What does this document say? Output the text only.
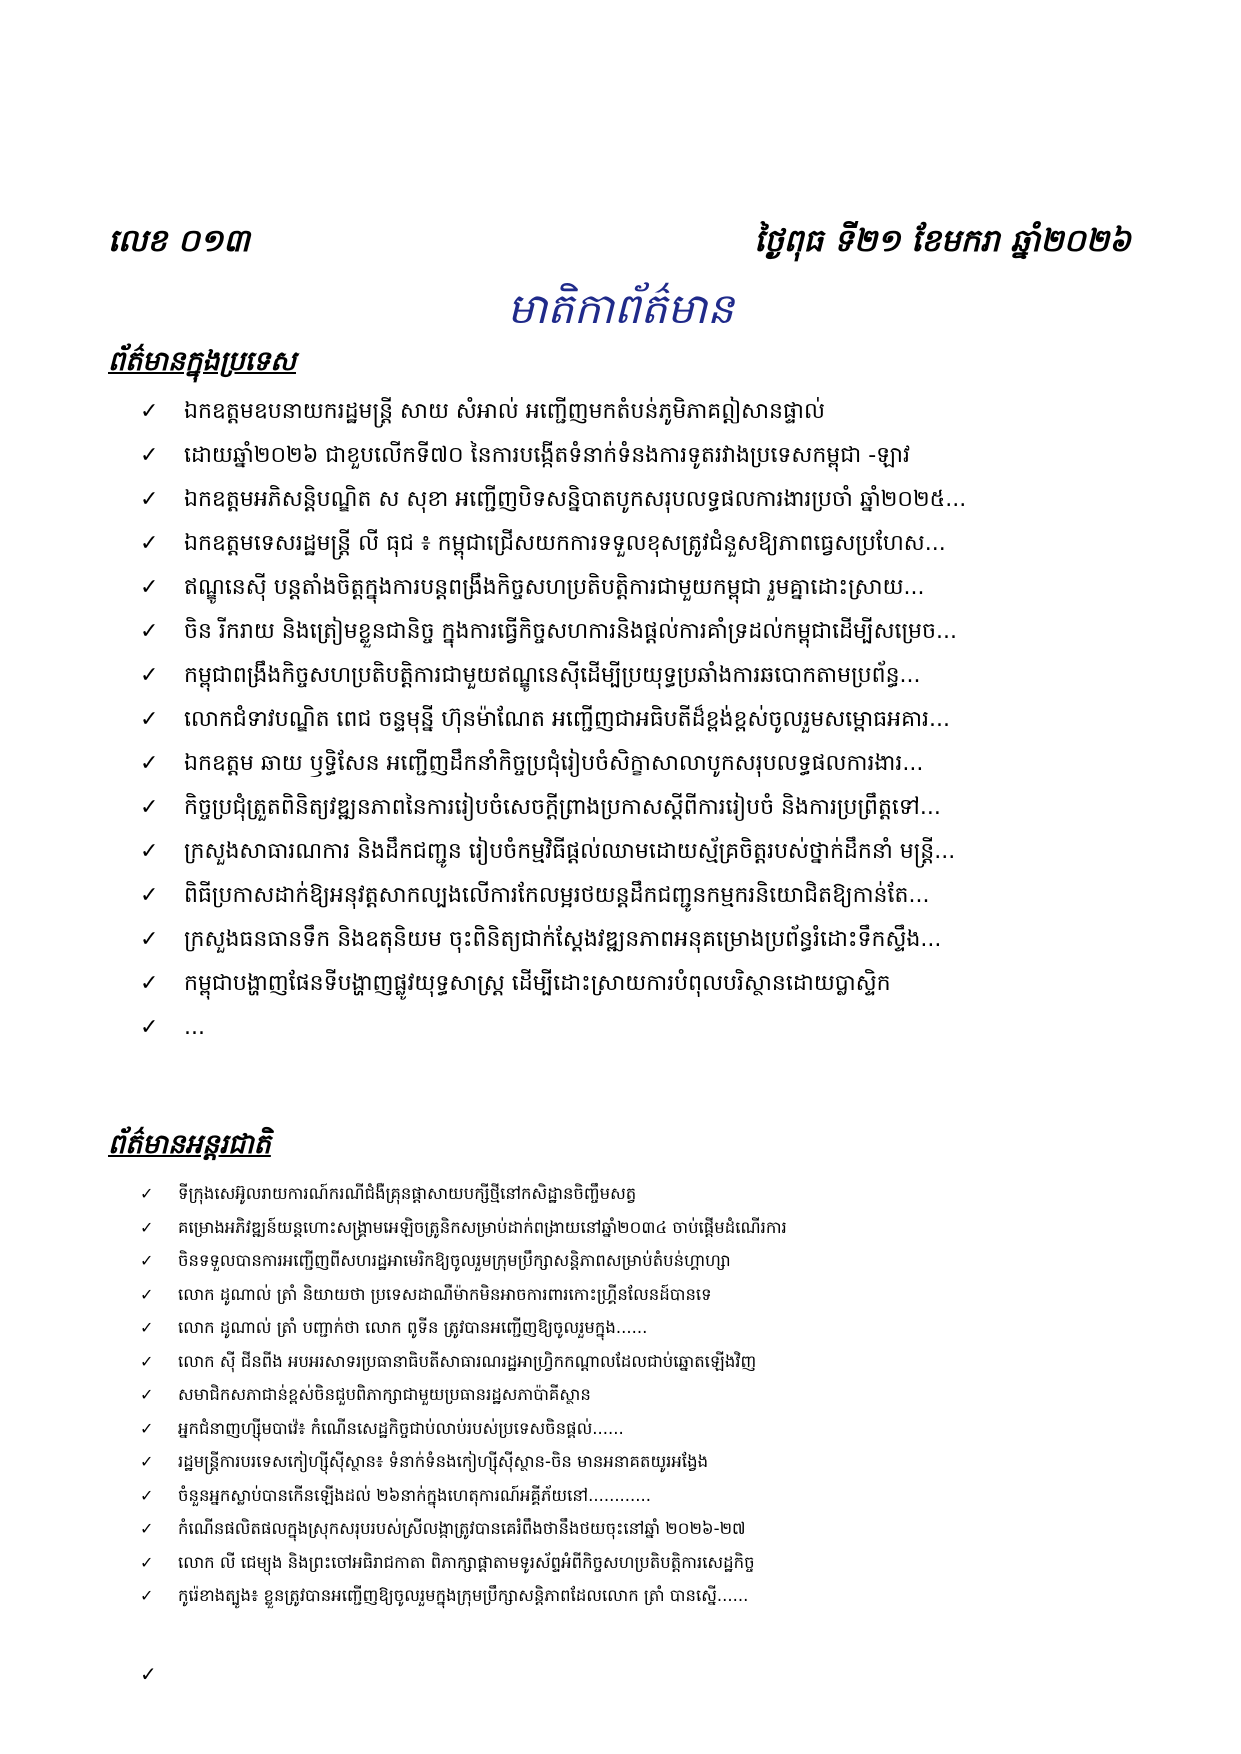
លេខ ០១៣	ថ្ងៃពុធ ទី២១ ខែមករា ឆ្នាំ២០២៦
មាតិកាព័ត៌មាន
ព័ត៌មានក្នុងប្រទេស
✓	ឯកឧត្តមឧបនាយករដ្ឋមន្ត្រី សាយ សំអាល់ អញ្ជើញមកតំបន់ភូមិភាគឦសានផ្ទាល់
✓	ដោយឆ្នាំ២០២៦ ជាខួបលើកទី៧០ នៃការបង្កើតទំនាក់ទំនងការទូតរវាងប្រទេសកម្ពុជា -ឡាវ
✓	ឯកឧត្តមអភិសន្តិបណ្ឌិត ស សុខា អញ្ជើញបិទសន្និបាតបូកសរុបលទ្ធផលការងារប្រចាំ ឆ្នាំ២០២៥...
✓	ឯកឧត្តមទេសរដ្ឋមន្ត្រី លី ធុជ ៖ កម្ពុជាជ្រើសយកការទទួលខុសត្រូវជំនួសឱ្យភាពធ្វេសប្រហែស...
✓	ឥណ្ឌូនេស៊ី បន្តតាំងចិត្តក្នុងការបន្តពង្រឹងកិច្ចសហប្រតិបត្តិការជាមួយកម្ពុជា រួមគ្នាដោះស្រាយ...
✓	ចិន រីករាយ និងត្រៀមខ្លួនជានិច្ច ក្នុងការធ្វើកិច្ចសហការនិងផ្តល់ការគាំទ្រដល់កម្ពុជាដើម្បីសម្រេច...
✓	កម្ពុជាពង្រឹងកិច្ចសហប្រតិបត្តិការជាមួយឥណ្ឌូនេស៊ីដើម្បីប្រយុទ្ធប្រឆាំងការឆបោកតាមប្រព័ន្ធ...
✓	លោកជំទាវបណ្ឌិត ពេជ ចន្ទមុន្នី ហ៊ុនម៉ាណែត អញ្ជើញជាអធិបតីដ៏ខ្ពង់ខ្ពស់ចូលរួមសម្ពោធអគារ...
✓	ឯកឧត្តម ឆាយ ឫទ្ធិសែន អញ្ជើញដឹកនាំកិច្ចប្រជុំរៀបចំសិក្ខាសាលាបូកសរុបលទ្ធផលការងារ...
✓	កិច្ចប្រជុំត្រួតពិនិត្យវឌ្ឍនភាពនៃការរៀបចំសេចក្តីព្រាងប្រកាសស្តីពីការរៀបចំ និងការប្រព្រឹត្តទៅ...
✓	ក្រសួងសាធារណការ និងដឹកជញ្ជូន រៀបចំកម្មវិធីផ្តល់ឈាមដោយស្ម័គ្រចិត្តរបស់ថ្នាក់ដឹកនាំ មន្ត្រី...
✓	ពិធីប្រកាសដាក់ឱ្យអនុវត្តសាកល្បងលើការកែលម្អរថយន្តដឹកជញ្ជូនកម្មករនិយោជិតឱ្យកាន់តែ...
✓	ក្រសួងធនធានទឹក និងឧតុនិយម ចុះពិនិត្យជាក់ស្តែងវឌ្ឍនភាពអនុគម្រោងប្រព័ន្ធរំដោះទឹកស្ទឹង...
✓	កម្ពុជាបង្ហាញផែនទីបង្ហាញផ្លូវយុទ្ធសាស្ត្រ ដើម្បីដោះស្រាយការបំពុលបរិស្ថានដោយប្លាស្ទិក
✓	...
ព័ត៌មានអន្តរជាតិ
✓	ទីក្រុងសេអ៊ូលរាយការណ៍ករណីជំងឺគ្រុនផ្តាសាយបក្សីថ្មីនៅកសិដ្ឋានចិញ្ចឹមសត្វ
✓	គម្រោងអភិវឌ្ឍន៍យន្តហោះសង្គ្រាមអេឡិចត្រូនិកសម្រាប់ដាក់ពង្រាយនៅឆ្នាំ២០៣៤ ចាប់ផ្តើមដំណើរការ
✓	ចិនទទួលបានការអញ្ជើញពីសហរដ្ឋអាមេរិកឱ្យចូលរួមក្រុមប្រឹក្សាសន្តិភាពសម្រាប់តំបន់ហ្គាហ្សា
✓	លោក ដូណាល់ ត្រាំ និយាយថា ប្រទេសដាណឺម៉ាកមិនអាចការពារកោះហ្គ្រីនលែនដ៍បានទេ
✓	លោក ដូណាល់ ត្រាំ បញ្ជាក់ថា លោក ពូទីន ត្រូវបានអញ្ជើញឱ្យចូលរួមក្នុង......
✓	លោក ស៊ី ជីនពីង អបអរសាទរប្រធានាធិបតីសាធារណរដ្ឋអាហ្វ្រិកកណ្តាលដែលជាប់ឆ្នោតឡើងវិញ
✓	សមាជិកសភាជាន់ខ្ពស់ចិនជួបពិភាក្សាជាមួយប្រធានរដ្ឋសភាប៉ាគីស្ថាន
✓	អ្នកជំនាញហ្ស៊ីមបាវ៉េ៖ កំណើនសេដ្ឋកិច្ចជាប់លាប់របស់ប្រទេសចិនផ្តល់......
✓	រដ្ឋមន្ត្រីការបរទេសកៀហ្ស៊ីស៊ីស្ថាន៖ ទំនាក់ទំនងកៀហ្ស៊ីស៊ីស្ថាន-ចិន មានអនាគតយូរអង្វែង
✓	ចំនួនអ្នកស្លាប់បានកើនឡើងដល់ ២៦នាក់ក្នុងហេតុការណ៍អគ្គីភ័យនៅ............
✓	កំណើនផលិតផលក្នុងស្រុកសរុបរបស់ស្រីលង្កាត្រូវបានគេរំពឹងថានឹងថយចុះនៅឆ្នាំ ២០២៦-២៧
✓	លោក លី ជេម្យុង និងព្រះចៅអធិរាជកាតា ពិភាក្សាផ្តាតាមទូរស័ព្ទអំពីកិច្ចសហប្រតិបត្តិការសេដ្ឋកិច្ច
✓	កូរ៉េខាងត្បូង៖ ខ្លួនត្រូវបានអញ្ជើញឱ្យចូលរួមក្នុងក្រុមប្រឹក្សាសន្តិភាពដែលលោក ត្រាំ បានស្នើ......
✓
